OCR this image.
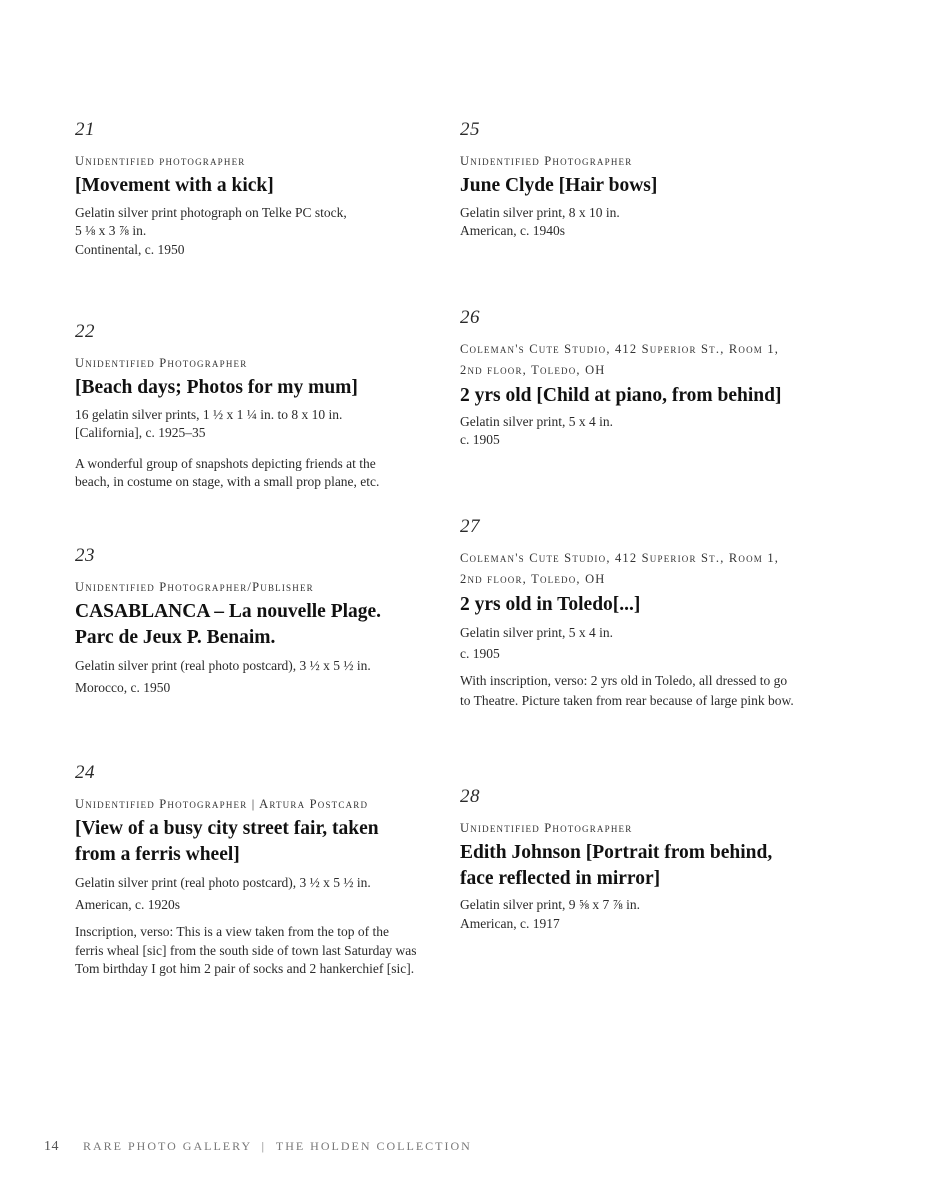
21
Unidentified photographer
[Movement with a kick]
Gelatin silver print photograph on Telke PC stock,
5 ⅛ x 3 ⅞ in.
Continental, c. 1950
22
Unidentified Photographer
[Beach days; Photos for my mum]
16 gelatin silver prints, 1 ½ x 1 ¼ in. to 8 x 10 in.
[California], c. 1925–35
A wonderful group of snapshots depicting friends at the beach, in costume on stage, with a small prop plane, etc.
23
Unidentified Photographer/Publisher
CASABLANCA – La nouvelle Plage. Parc de Jeux P. Benaim.
Gelatin silver print (real photo postcard), 3 ½ x 5 ½ in.
Morocco, c. 1950
24
Unidentified Photographer | Artura Postcard
[View of a busy city street fair, taken from a ferris wheel]
Gelatin silver print (real photo postcard), 3 ½ x 5 ½ in.
American, c. 1920s
Inscription, verso: This is a view taken from the top of the ferris wheal [sic] from the south side of town last Saturday was Tom birthday I got him 2 pair of socks and 2 hankerchief [sic].
25
Unidentified Photographer
June Clyde [Hair bows]
Gelatin silver print, 8 x 10 in.
American, c. 1940s
26
Coleman's Cute Studio, 412 Superior St., Room 1, 2nd floor, Toledo, OH
2 yrs old [Child at piano, from behind]
Gelatin silver print, 5 x 4 in.
c. 1905
27
Coleman's Cute Studio, 412 Superior St., Room 1, 2nd floor, Toledo, OH
2 yrs old in Toledo[...]
Gelatin silver print, 5 x 4 in.
c. 1905
With inscription, verso: 2 yrs old in Toledo, all dressed to go to Theatre. Picture taken from rear because of large pink bow.
28
Unidentified Photographer
Edith Johnson [Portrait from behind, face reflected in mirror]
Gelatin silver print, 9 ⅝ x 7 ⅞ in.
American, c. 1917
14 RARE PHOTO GALLERY  |  THE HOLDEN COLLECTION
